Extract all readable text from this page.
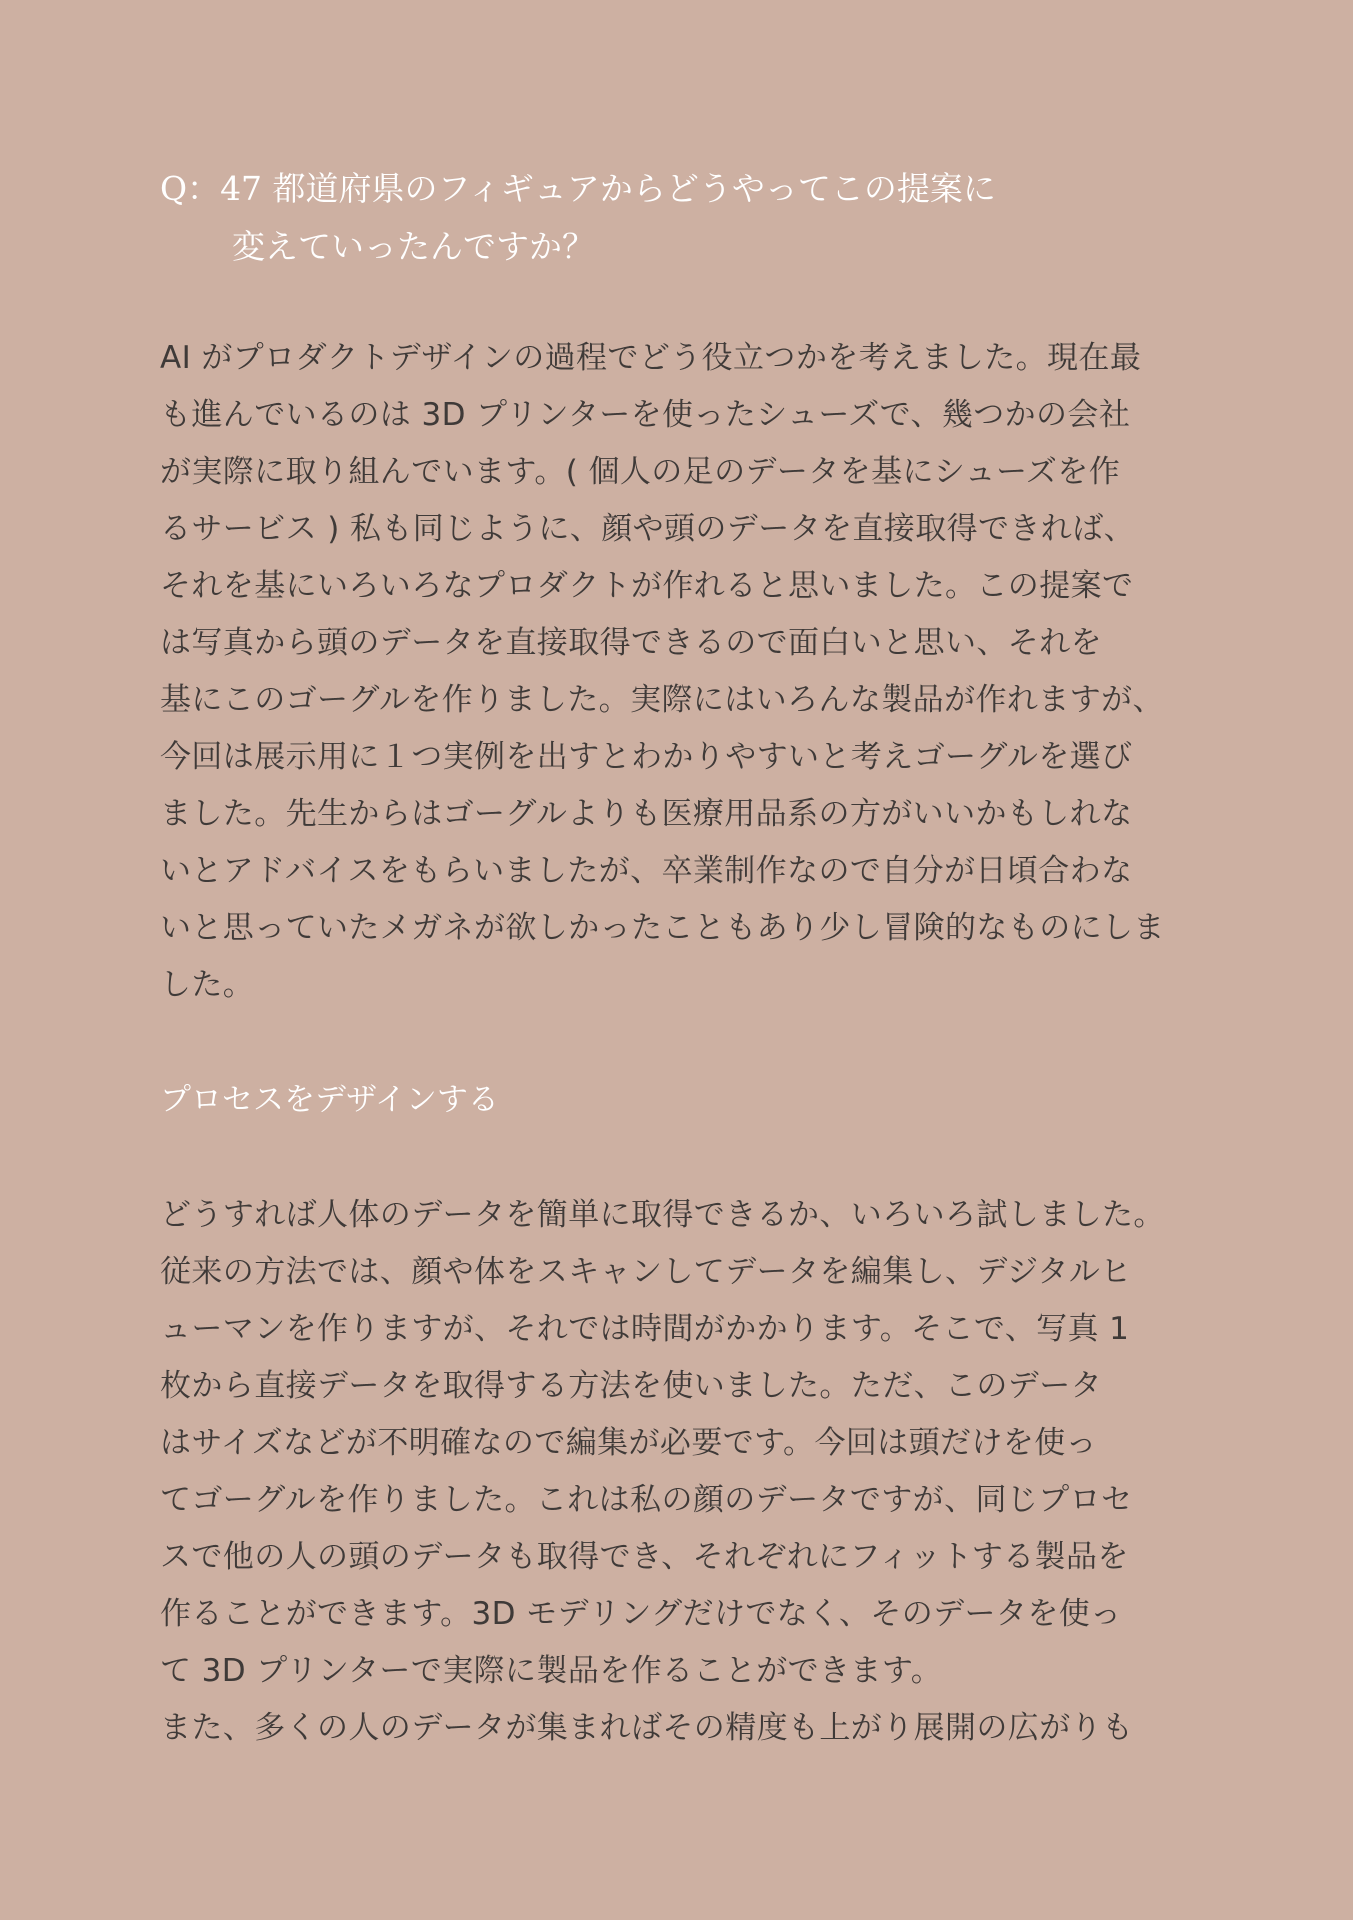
Q：47 都道府県のフィギュアからどうやってこの提案に
変えていったんですか？
AI がプロダクトデザインの過程でどう役立つかを考えました。現在最
も進んでいるのは 3D プリンターを使ったシューズで、幾つかの会社
が実際に取り組んでいます。( 個人の足のデータを基にシューズを作
るサービス ) 私も同じように、顔や頭のデータを直接取得できれば、
それを基にいろいろなプロダクトが作れると思いました。この提案で
は写真から頭のデータを直接取得できるので面白いと思い、それを
基にこのゴーグルを作りました。実際にはいろんな製品が作れますが、
今回は展示用に１つ実例を出すとわかりやすいと考えゴーグルを選び
ました。先生からはゴーグルよりも医療用品系の方がいいかもしれな
いとアドバイスをもらいましたが、卒業制作なので自分が日頃合わな
いと思っていたメガネが欲しかったこともあり少し冒険的なものにしま
した。
プロセスをデザインする
どうすれば人体のデータを簡単に取得できるか、いろいろ試しました。
従来の方法では、顔や体をスキャンしてデータを編集し、デジタルヒ
ューマンを作りますが、それでは時間がかかります。そこで、写真 1
枚から直接データを取得する方法を使いました。ただ、このデータ
はサイズなどが不明確なので編集が必要です。今回は頭だけを使っ
てゴーグルを作りました。これは私の顔のデータですが、同じプロセ
スで他の人の頭のデータも取得でき、それぞれにフィットする製品を
作ることができます。3D モデリングだけでなく、そのデータを使っ
て 3D プリンターで実際に製品を作ることができます。
また、多くの人のデータが集まればその精度も上がり展開の広がりも
